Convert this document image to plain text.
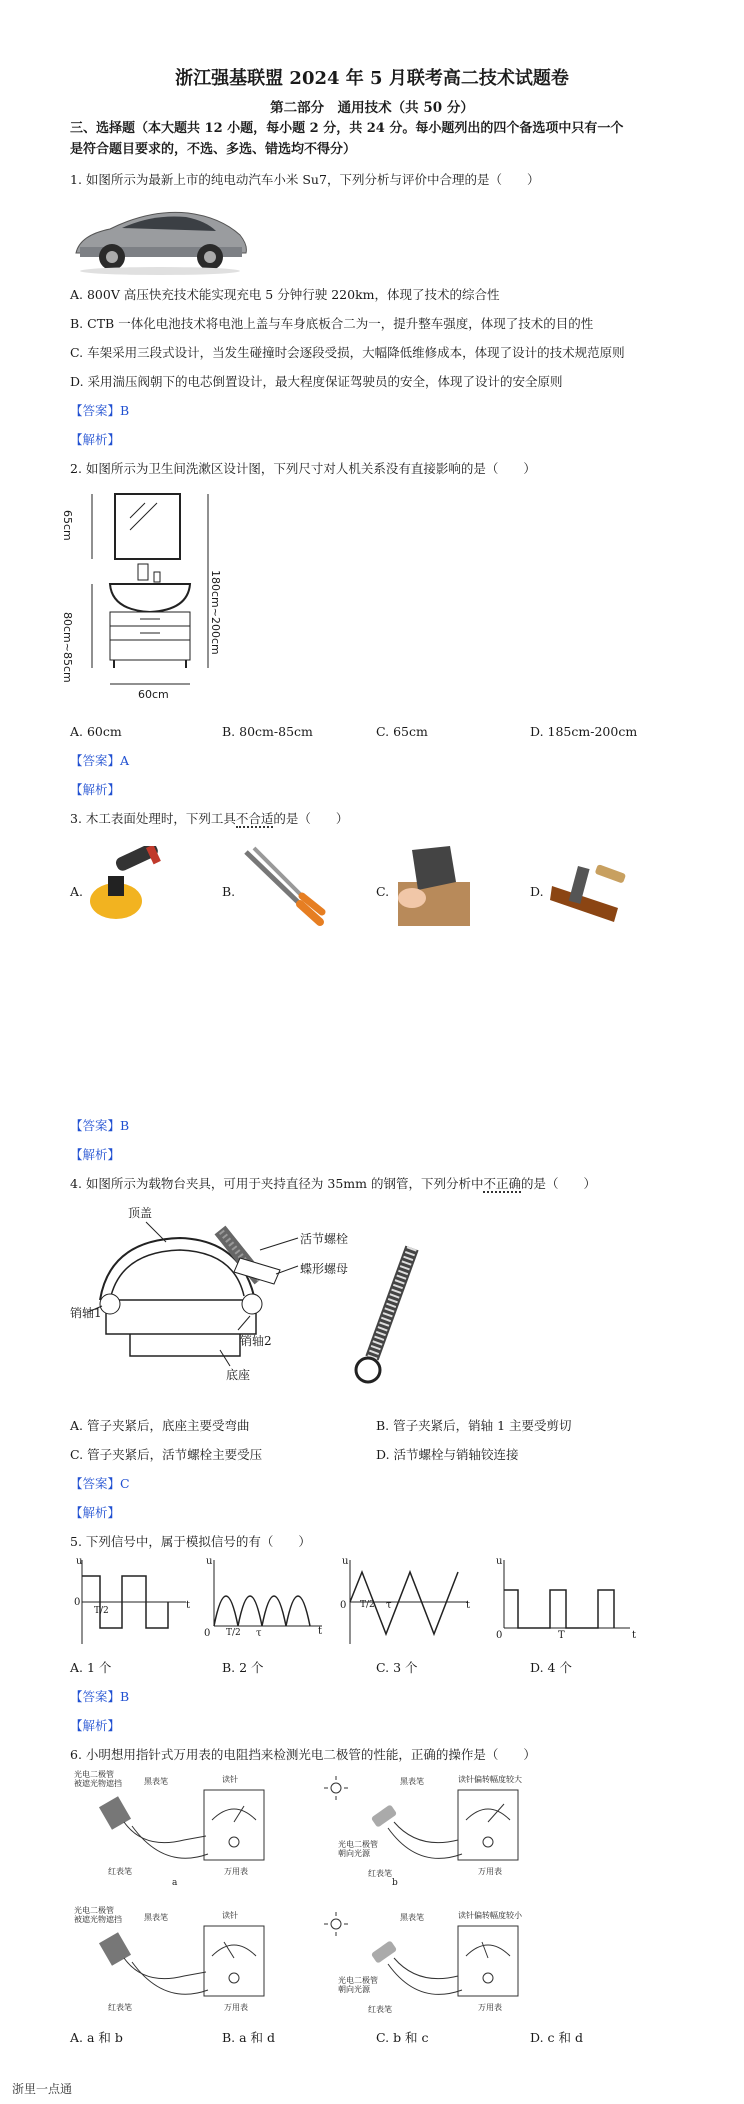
浙江强基联盟 2024 年 5 月联考高二技术试题卷
第二部分　通用技术（共 50 分）
三、选择题（本大题共 12 小题，每小题 2 分，共 24 分。每小题列出的四个备选项中只有一个
是符合题目要求的，不选、多选、错选均不得分）
1. 如图所示为最新上市的纯电动汽车小米 Su7，下列分析与评价中合理的是（　　）
A. 800V 高压快充技术能实现充电 5 分钟行驶 220km，体现了技术的综合性
B. CTB 一体化电池技术将电池上盖与车身底板合二为一，提升整车强度，体现了技术的目的性
C. 车架采用三段式设计，当发生碰撞时会逐段受损，大幅降低维修成本，体现了设计的技术规范原则
D. 采用湍压阀朝下的电芯倒置设计，最大程度保证驾驶员的安全，体现了设计的安全原则
【答案】B
【解析】
2. 如图所示为卫生间洗漱区设计图，下列尺寸对人机关系没有直接影响的是（　　）
65cm
180cm~200cm
80cm~85cm
60cm
A. 60cm	B. 80cm-85cm	C. 65cm	D. 185cm-200cm
【答案】A
【解析】
3. 木工表面处理时，下列工具不合适的是（　　）
A.	B.	C.	D.
【答案】B
【解析】
4. 如图所示为载物台夹具，可用于夹持直径为 35mm 的钢管，下列分析中不正确的是（　　）
顶盖
活节螺栓
蝶形螺母
销轴1
销轴2
底座
A. 管子夹紧后，底座主要受弯曲	B. 管子夹紧后，销轴 1 主要受剪切
C. 管子夹紧后，活节螺栓主要受压	D. 活节螺栓与销轴铰连接
【答案】C
【解析】
5. 下列信号中，属于模拟信号的有（　　）
u
0
T/2	t
u
0 T/2 τ	t
u
0 T/2 τ	t
u
0	T	t
A. 1 个	B. 2 个	C. 3 个	D. 4 个
【答案】B
【解析】
6. 小明想用指针式万用表的电阻挡来检测光电二极管的性能，正确的操作是（　　）
光电二极管
被遮光物遮挡	黑表笔	读针
红表笔	万用表
a
黑表笔	读针偏转幅度较大
光电二极管
朝向光源
红表笔	万用表
b
光电二极管
被遮光物遮挡	黑表笔	读针
红表笔	万用表
黑表笔	读针偏转幅度较小
光电二极管
朝向光源
红表笔	万用表
A. a 和 b	B. a 和 d	C. b 和 c	D. c 和 d
浙里一点通
